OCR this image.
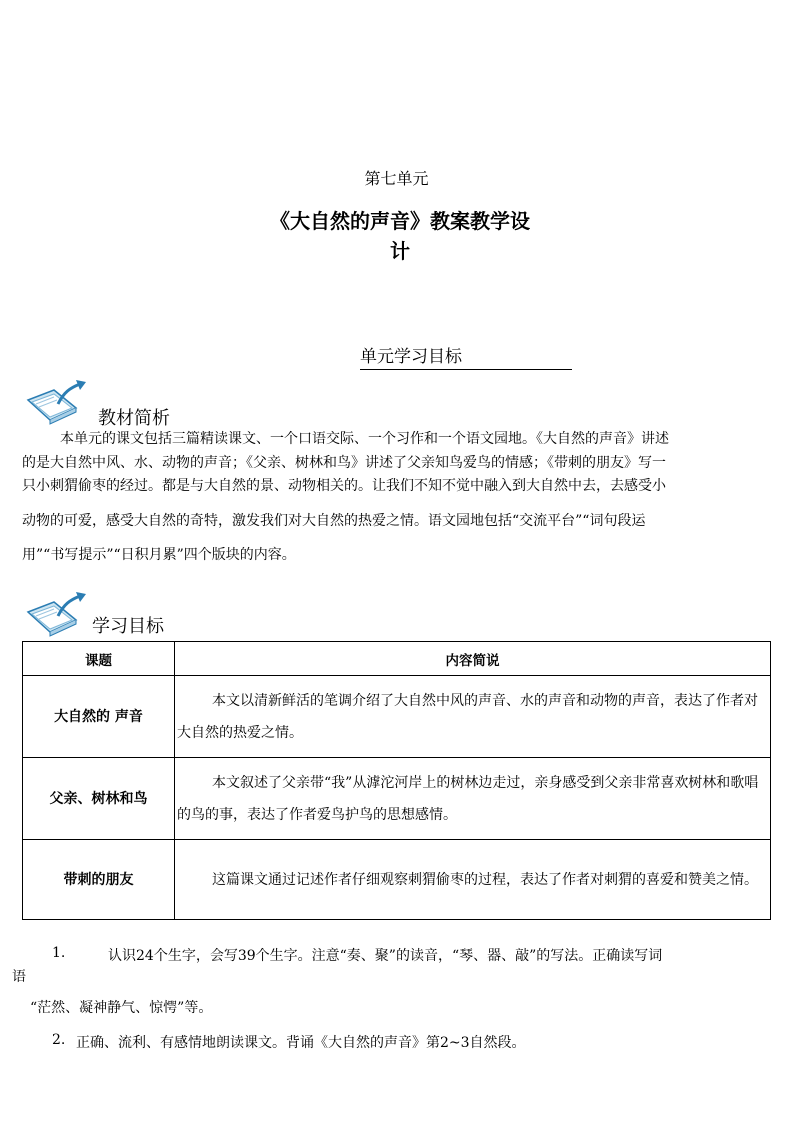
第七单元
《大自然的声音》教案教学设
计
单元学习目标
教材简析
本单元的课文包括三篇精读课文、一个口语交际、一个习作和一个语文园地。《大自然的声音》讲述
的是大自然中风、水、动物的声音；《父亲、树林和鸟》讲述了父亲知鸟爱鸟的情感；《带刺的朋友》写一
只小刺猬偷枣的经过。都是与大自然的景、动物相关的。让我们不知不觉中融入到大自然中去，去感受小
动物的可爱，感受大自然的奇特，激发我们对大自然的热爱之情。语文园地包括“交流平台”“词句段运
用”“书写提示”“日积月累”四个版块的内容。
学习目标
课题	内容简说
大自然的 声音	本文以清新鲜活的笔调介绍了大自然中风的声音、水的声音和动物的声音，表达了作者对大自然的热爱之情。
父亲、树林和鸟	本文叙述了父亲带“我”从滹沱河岸上的树林边走过，亲身感受到父亲非常喜欢树林和歌唱的鸟的事，表达了作者爱鸟护鸟的思想感情。
带刺的朋友	这篇课文通过记述作者仔细观察刺猬偷枣的过程，表达了作者对刺猬的喜爱和赞美之情。
1.	认识24个生字，会写39个生字。注意“奏、聚”的读音，“琴、器、敲”的写法。正确读写词
语
“茫然、凝神静气、惊愕”等。
2. 正确、流利、有感情地朗读课文。背诵《大自然的声音》第2~3自然段。
